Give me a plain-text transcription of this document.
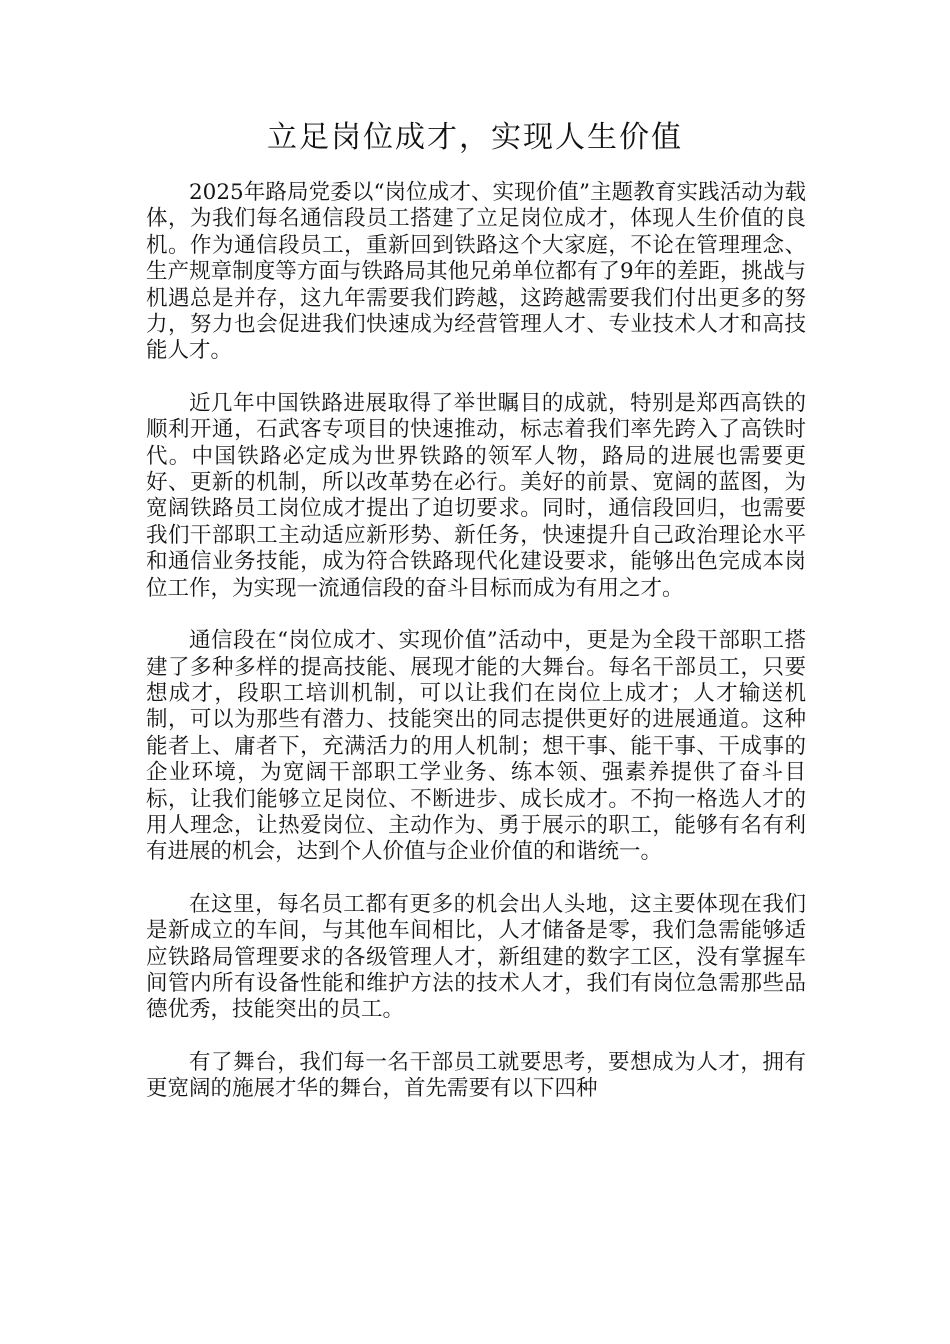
立足岗位成才，实现人生价值

2025年路局党委以“岗位成才、实现价值”主题教育实践活动为载体，为我们每名通信段员工搭建了立足岗位成才，体现人生价值的良机。作为通信段员工，重新回到铁路这个大家庭，不论在管理理念、生产规章制度等方面与铁路局其他兄弟单位都有了9年的差距，挑战与机遇总是并存，这九年需要我们跨越，这跨越需要我们付出更多的努力，努力也会促进我们快速成为经营管理人才、专业技术人才和高技能人才。

近几年中国铁路进展取得了举世瞩目的成就，特别是郑西高铁的顺利开通，石武客专项目的快速推动，标志着我们率先跨入了高铁时代。中国铁路必定成为世界铁路的领军人物，路局的进展也需要更好、更新的机制，所以改革势在必行。美好的前景、宽阔的蓝图，为宽阔铁路员工岗位成才提出了迫切要求。同时，通信段回归，也需要我们干部职工主动适应新形势、新任务，快速提升自己政治理论水平和通信业务技能，成为符合铁路现代化建设要求，能够出色完成本岗位工作，为实现一流通信段的奋斗目标而成为有用之才。

通信段在“岗位成才、实现价值”活动中，更是为全段干部职工搭建了多种多样的提高技能、展现才能的大舞台。每名干部员工，只要想成才，段职工培训机制，可以让我们在岗位上成才；人才输送机制，可以为那些有潜力、技能突出的同志提供更好的进展通道。这种能者上、庸者下，充满活力的用人机制；想干事、能干事、干成事的企业环境，为宽阔干部职工学业务、练本领、强素养提供了奋斗目标，让我们能够立足岗位、不断进步、成长成才。不拘一格选人才的用人理念，让热爱岗位、主动作为、勇于展示的职工，能够有名有利有进展的机会，达到个人价值与企业价值的和谐统一。

在这里，每名员工都有更多的机会出人头地，这主要体现在我们是新成立的车间，与其他车间相比，人才储备是零，我们急需能够适应铁路局管理要求的各级管理人才，新组建的数字工区，没有掌握车间管内所有设备性能和维护方法的技术人才，我们有岗位急需那些品德优秀，技能突出的员工。

有了舞台，我们每一名干部员工就要思考，要想成为人才，拥有更宽阔的施展才华的舞台，首先需要有以下四种
